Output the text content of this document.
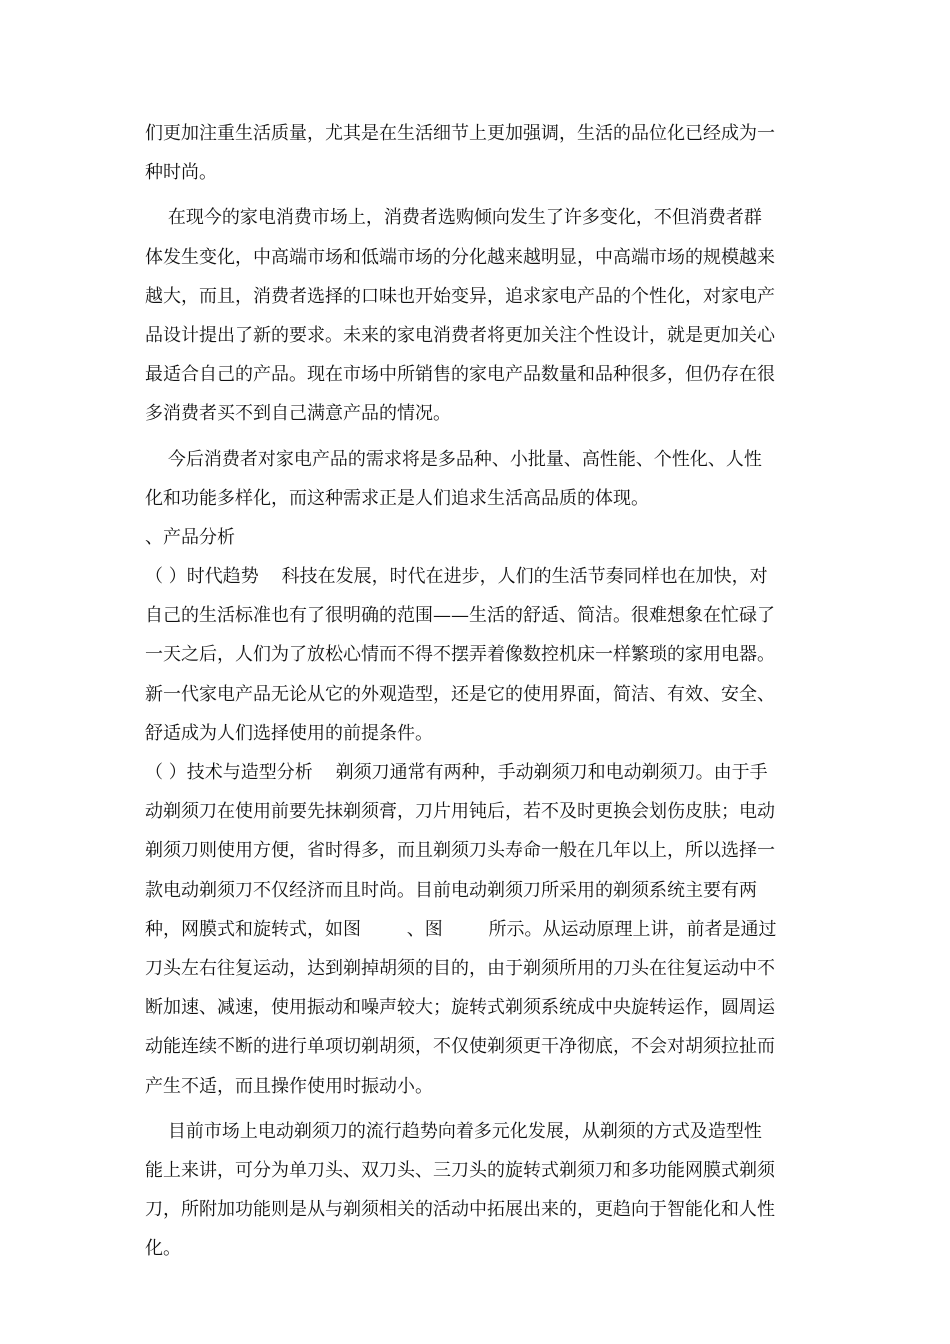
们更加注重生活质量，尤其是在生活细节上更加强调，生活的品位化已经成为一
种时尚。
在现今的家电消费市场上，消费者选购倾向发生了许多变化，不但消费者群
体发生变化，中高端市场和低端市场的分化越来越明显，中高端市场的规模越来
越大，而且，消费者选择的口味也开始变异，追求家电产品的个性化，对家电产
品设计提出了新的要求。未来的家电消费者将更加关注个性设计，就是更加关心
最适合自己的产品。现在市场中所销售的家电产品数量和品种很多，但仍存在很
多消费者买不到自己满意产品的情况。
今后消费者对家电产品的需求将是多品种、小批量、高性能、个性化、人性
化和功能多样化，而这种需求正是人们追求生活高品质的体现。
、产品分析
（ ）时代趋势    科技在发展，时代在进步，人们的生活节奏同样也在加快，对
自己的生活标准也有了很明确的范围——生活的舒适、简洁。很难想象在忙碌了
一天之后，人们为了放松心情而不得不摆弄着像数控机床一样繁琐的家用电器。
新一代家电产品无论从它的外观造型，还是它的使用界面，简洁、有效、安全、
舒适成为人们选择使用的前提条件。
（ ）技术与造型分析    剃须刀通常有两种，手动剃须刀和电动剃须刀。由于手
动剃须刀在使用前要先抹剃须膏，刀片用钝后，若不及时更换会划伤皮肤；电动
剃须刀则使用方便，省时得多，而且剃须刀头寿命一般在几年以上，所以选择一
款电动剃须刀不仅经济而且时尚。目前电动剃须刀所采用的剃须系统主要有两
种，网膜式和旋转式，如图        、图        所示。从运动原理上讲，前者是通过
刀头左右往复运动，达到剃掉胡须的目的，由于剃须所用的刀头在往复运动中不
断加速、减速，使用振动和噪声较大；旋转式剃须系统成中央旋转运作，圆周运
动能连续不断的进行单项切剃胡须，不仅使剃须更干净彻底，不会对胡须拉扯而
产生不适，而且操作使用时振动小。
目前市场上电动剃须刀的流行趋势向着多元化发展，从剃须的方式及造型性
能上来讲，可分为单刀头、双刀头、三刀头的旋转式剃须刀和多功能网膜式剃须
刀，所附加功能则是从与剃须相关的活动中拓展出来的，更趋向于智能化和人性
化。
